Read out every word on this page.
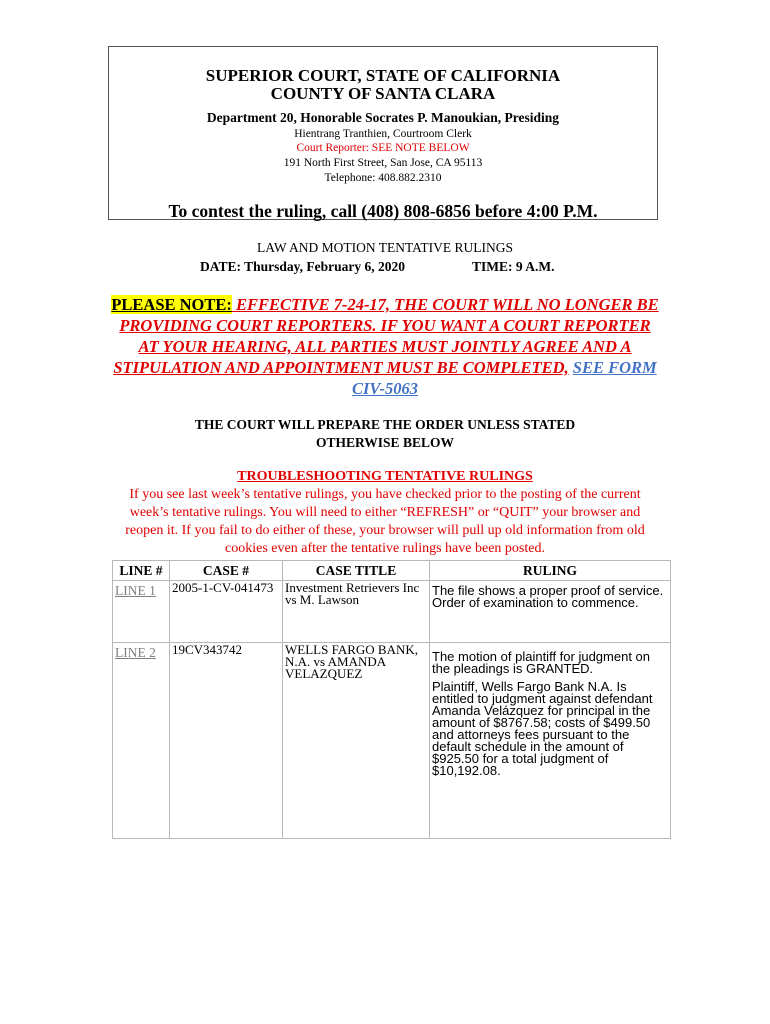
SUPERIOR COURT, STATE OF CALIFORNIA
COUNTY OF SANTA CLARA
Department 20, Honorable Socrates P. Manoukian, Presiding
Hientrang Tranthien, Courtroom Clerk
Court Reporter: SEE NOTE BELOW
191 North First Street, San Jose, CA 95113
Telephone: 408.882.2310
To contest the ruling, call (408) 808-6856 before 4:00 P.M.
LAW AND MOTION TENTATIVE RULINGS
DATE: Thursday, February 6, 2020	TIME: 9 A.M.
PLEASE NOTE: EFFECTIVE 7-24-17, THE COURT WILL NO LONGER BE PROVIDING COURT REPORTERS. IF YOU WANT A COURT REPORTER AT YOUR HEARING, ALL PARTIES MUST JOINTLY AGREE AND A STIPULATION AND APPOINTMENT MUST BE COMPLETED, SEE FORM CIV-5063
THE COURT WILL PREPARE THE ORDER UNLESS STATED
OTHERWISE BELOW
TROUBLESHOOTING TENTATIVE RULINGS
If you see last week’s tentative rulings, you have checked prior to the posting of the current week’s tentative rulings. You will need to either “REFRESH” or “QUIT” your browser and reopen it. If you fail to do either of these, your browser will pull up old information from old cookies even after the tentative rulings have been posted.
LINE #	CASE #	CASE TITLE	RULING
LINE 1	2005-1-CV-041473	Investment Retrievers Inc vs M. Lawson	The file shows a proper proof of service. Order of examination to commence.

LINE 2	19CV343742	WELLS FARGO BANK, N.A. vs AMANDA VELAZQUEZ	The motion of plaintiff for judgment on the pleadings is GRANTED.

Plaintiff, Wells Fargo Bank N.A. Is entitled to judgment against defendant Amanda Velázquez for principal in the amount of $8767.58; costs of $499.50 and attorneys fees pursuant to the default schedule in the amount of $925.50 for a total judgment of $10,192.08.
